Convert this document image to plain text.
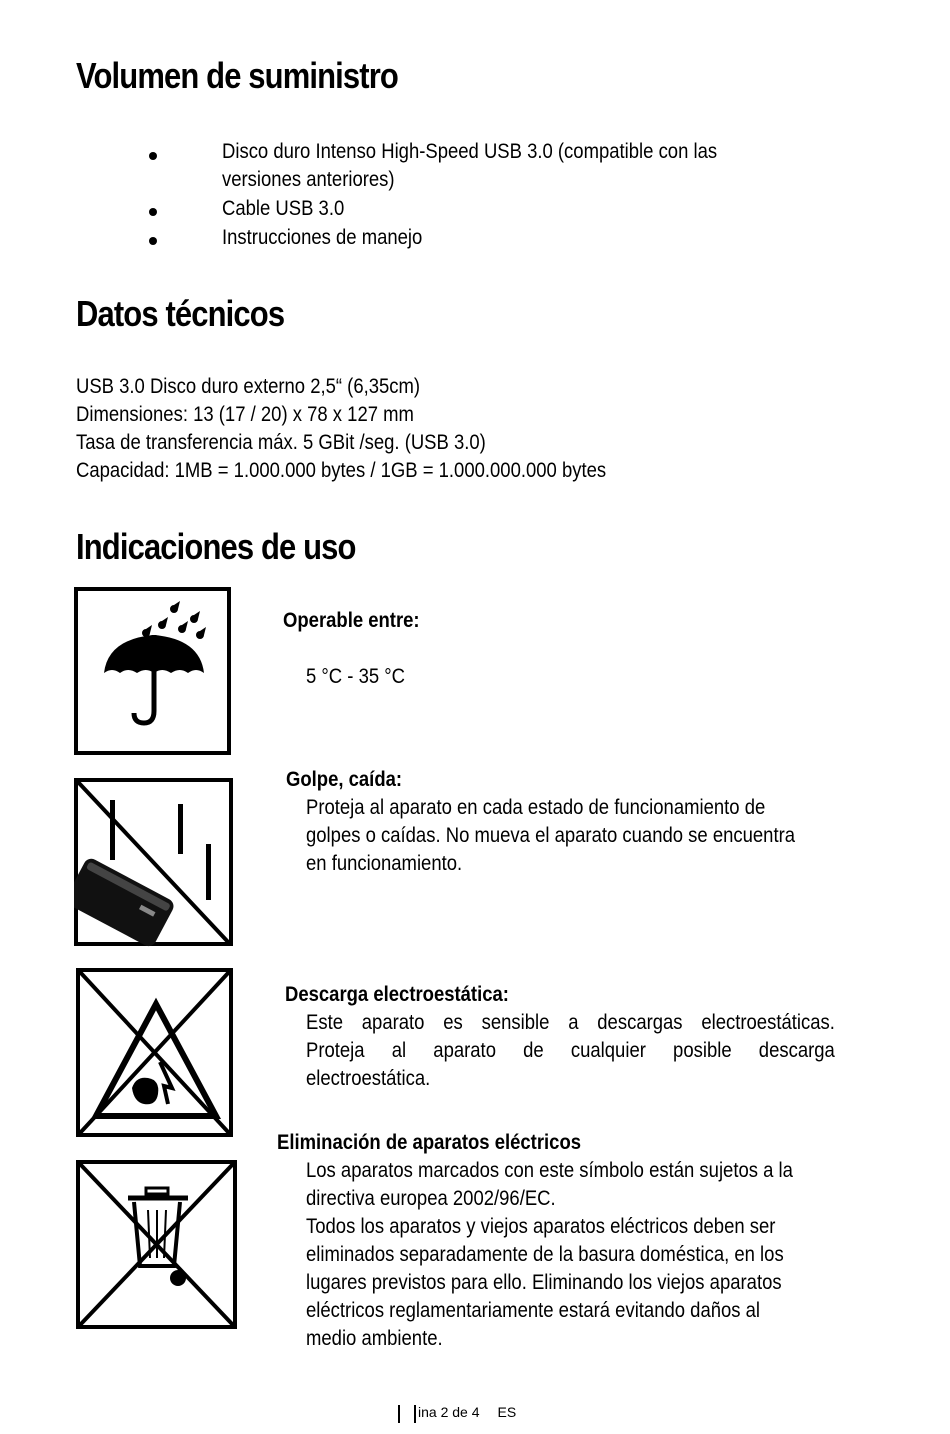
Volumen de suministro
Disco duro Intenso High-Speed USB 3.0 (compatible con las
versiones anteriores)
Cable USB 3.0
Instrucciones de manejo
Datos técnicos
USB 3.0 Disco duro externo 2,5“ (6,35cm)
Dimensiones: 13 (17 / 20) x 78 x 127 mm
Tasa de transferencia máx. 5 GBit /seg. (USB 3.0)
Capacidad: 1MB = 1.000.000 bytes / 1GB = 1.000.000.000 bytes
Indicaciones de uso
Operable entre:
5 °C - 35 °C
Golpe, caída:
Proteja al aparato en cada estado de funcionamiento de
golpes o caídas. No mueva el aparato cuando se encuentra
en funcionamiento.
Descarga electroestática:
Este aparato es sensible a descargas electroestáticas.
Proteja al aparato de cualquier posible descarga
electroestática.
Eliminación de aparatos eléctricos
Los aparatos marcados con este símbolo están sujetos a la
directiva europea 2002/96/EC.
Todos los aparatos y viejos aparatos eléctricos deben ser
eliminados separadamente de la basura doméstica, en los
lugares previstos para ello. Eliminando los viejos aparatos
eléctricos reglamentariamente estará evitando daños al
medio ambiente.
ina 2 de 4 ES
